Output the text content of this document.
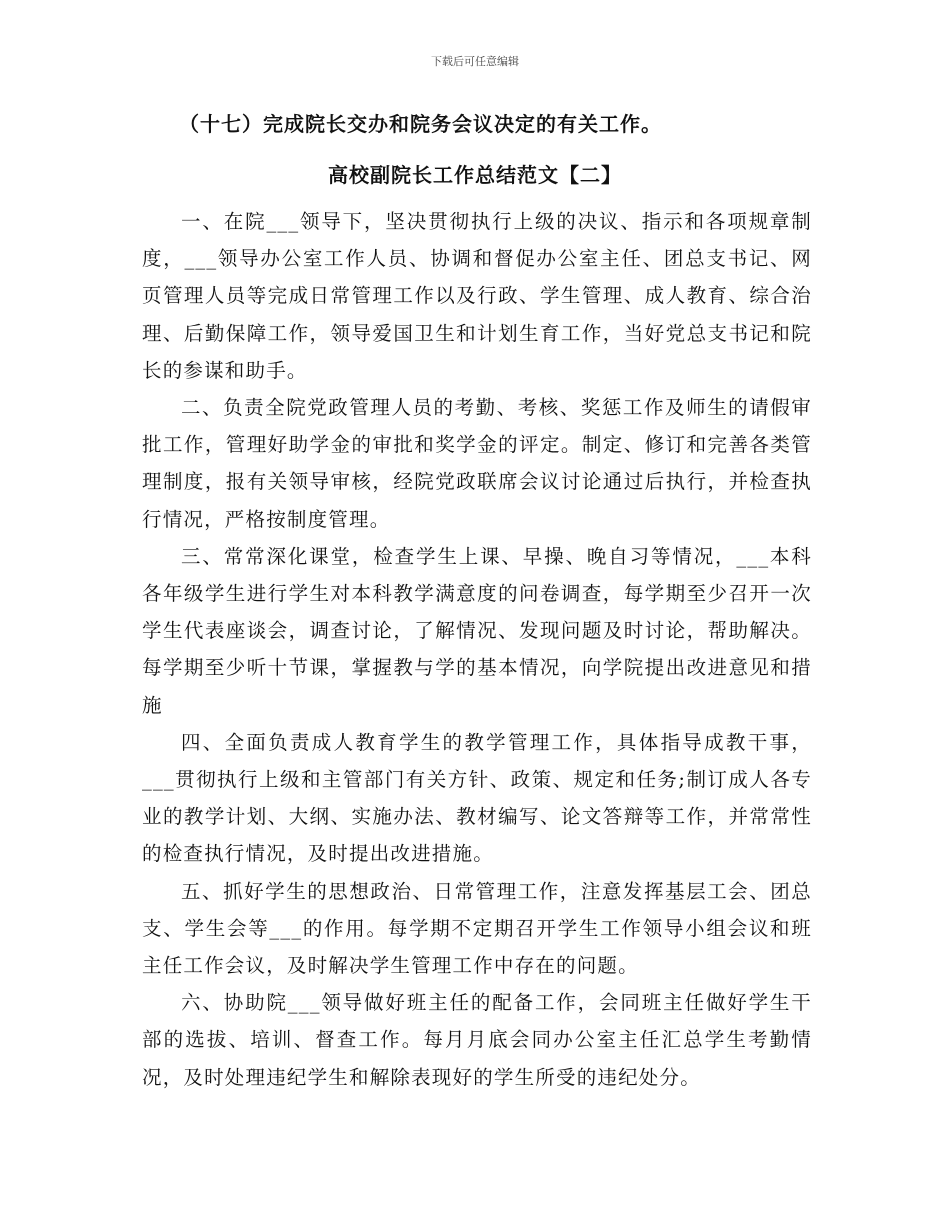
下载后可任意编辑
（十七）完成院长交办和院务会议决定的有关工作。
高校副院长工作总结范文【二】

一、在院___领导下，坚决贯彻执行上级的决议、指示和各项规章制度，___领导办公室工作人员、协调和督促办公室主任、团总支书记、网页管理人员等完成日常管理工作以及行政、学生管理、成人教育、综合治理、后勤保障工作，领导爱国卫生和计划生育工作，当好党总支书记和院长的参谋和助手。

二、负责全院党政管理人员的考勤、考核、奖惩工作及师生的请假审批工作，管理好助学金的审批和奖学金的评定。制定、修订和完善各类管理制度，报有关领导审核，经院党政联席会议讨论通过后执行，并检查执行情况，严格按制度管理。

三、常常深化课堂，检查学生上课、早操、晚自习等情况，___本科各年级学生进行学生对本科教学满意度的问卷调查，每学期至少召开一次学生代表座谈会，调查讨论，了解情况、发现问题及时讨论，帮助解决。每学期至少听十节课，掌握教与学的基本情况，向学院提出改进意见和措施

四、全面负责成人教育学生的教学管理工作，具体指导成教干事，___贯彻执行上级和主管部门有关方针、政策、规定和任务;制订成人各专业的教学计划、大纲、实施办法、教材编写、论文答辩等工作，并常常性的检查执行情况，及时提出改进措施。

五、抓好学生的思想政治、日常管理工作，注意发挥基层工会、团总支、学生会等___的作用。每学期不定期召开学生工作领导小组会议和班主任工作会议，及时解决学生管理工作中存在的问题。

六、协助院___领导做好班主任的配备工作，会同班主任做好学生干部的选拔、培训、督查工作。每月月底会同办公室主任汇总学生考勤情况，及时处理违纪学生和解除表现好的学生所受的违纪处分。
